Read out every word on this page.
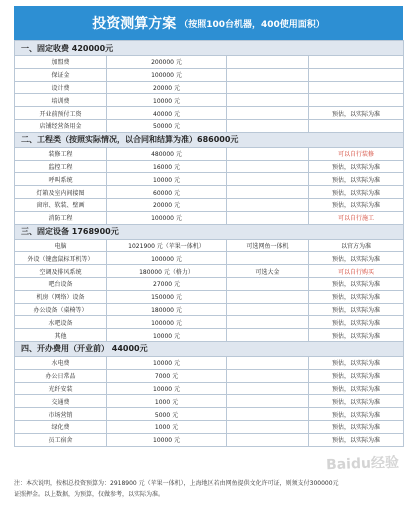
投资测算方案 （按照100台机器，400使用面积）
一、固定收费 420000元			
加盟费	200000 元		
保证金	100000 元		
设计费	20000 元		
培训费	10000 元		
开业前预付工资	40000 元		预估，以实际为准
店铺经营备用金	50000 元		
二、工程类（按照实际情况，以合同和结算为准）686000元			
装修工程	480000 元		可以自行装修
监控工程	16000 元		预估，以实际为准
呼叫系统	10000 元		预估，以实际为准
灯箱及室内间接图	60000 元		预估，以实际为准
窗帘、软装、壁画	20000 元		预估，以实际为准
消防工程	100000 元		可以自行施工
三、固定设备 1768900元			
电脑	1021900 元（苹果一体机）	可选网鱼一体机	以官方为准
外设（键盘鼠标耳机等）	100000 元		预估，以实际为准
空调及排风系统	180000 元（格力）	可选大金	可以自行购买
吧台设备	27000 元		预估，以实际为准
机房（网络）设备	150000 元		预估，以实际为准
办公设备（桌椅等）	180000 元		预估，以实际为准
水吧设备	100000 元		预估，以实际为准
其他	10000 元		预估，以实际为准
四、开办费用（开业前） 44000元			
水电费	10000 元		预估，以实际为准
办公日常品	7000 元		预估，以实际为准
光纤安装	10000 元		预估，以实际为准
交通费	1000 元		预估，以实际为准
市场营销	5000 元		预估，以实际为准
绿化费	1000 元		预估，以实际为准
员工宿舍	10000 元		预估，以实际为准
注：本次说明，按相总投资预算为：2918900 元（苹果一体机），上海地区若由网鱼提供文化许可证，则须支付300000元
证照押金。以上数据，为预算，仅做参考，以实际为准。
Baidu经验
